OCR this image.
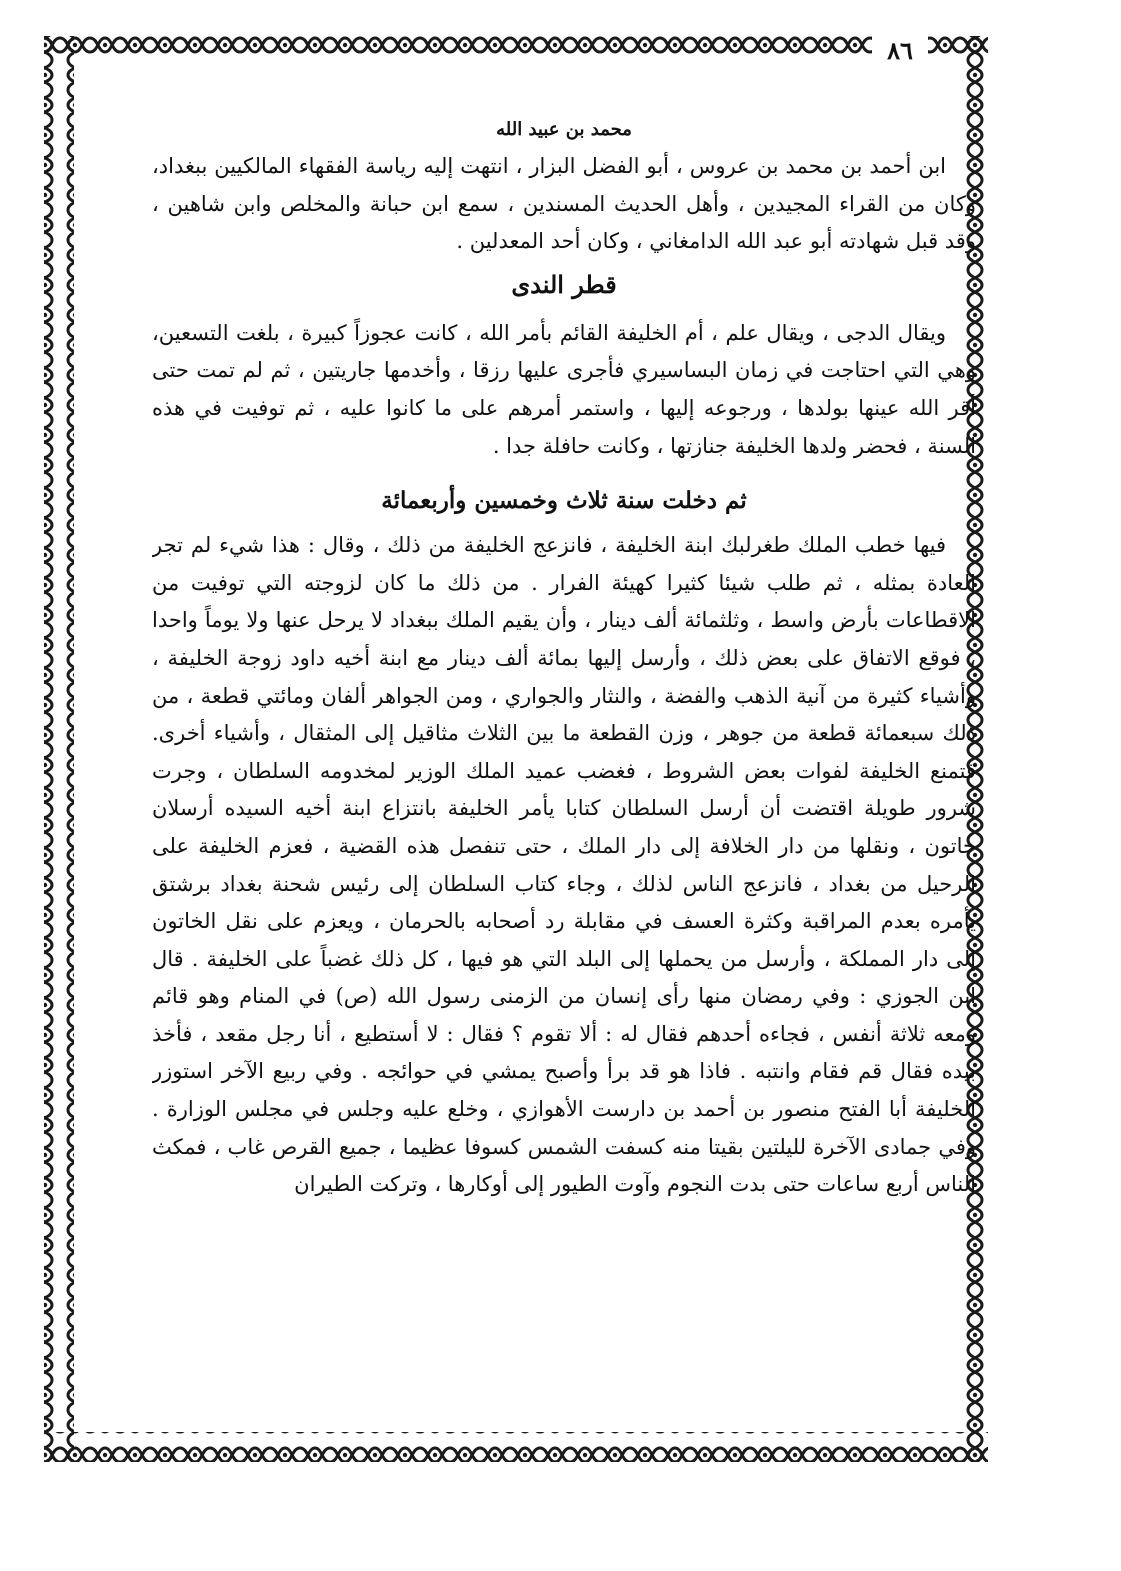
٨٦
محمد بن عبيد الله

ابن أحمد بن محمد بن عروس ، أبو الفضل البزار ، انتهت إليه رياسة الفقهاء المالكيين ببغداد، وكان من القراء المجيدين ، وأهل الحديث المسندين ، سمع ابن حبانة والمخلص وابن شاهين ، وقد قبل شهادته أبو عبد الله الدامغاني ، وكان أحد المعدلين .

قطر الندى

ويقال الدجى ، ويقال علم ، أم الخليفة القائم بأمر الله ، كانت عجوزاً كبيرة ، بلغت التسعين، وهي التي احتاجت في زمان البساسيري فأجرى عليها رزقا ، وأخدمها جاريتين ، ثم لم تمت حتى أقر الله عينها بولدها ، ورجوعه إليها ، واستمر أمرهم على ما كانوا عليه ، ثم توفيت في هذه السنة ، فحضر ولدها الخليفة جنازتها ، وكانت حافلة جدا .

ثم دخلت سنة ثلاث وخمسين وأربعمائة

فيها خطب الملك طغرلبك ابنة الخليفة ، فانزعج الخليفة من ذلك ، وقال : هذا شيء لم تجر العادة بمثله ، ثم طلب شيئا كثيرا كهيئة الفرار . من ذلك ما كان لزوجته التي توفيت من الاقطاعات بأرض واسط ، وثلثمائة ألف دينار ، وأن يقيم الملك ببغداد لا يرحل عنها ولا يوماً واحدا ، فوقع الاتفاق على بعض ذلك ، وأرسل إليها بمائة ألف دينار مع ابنة أخيه داود زوجة الخليفة ، وأشياء كثيرة من آنية الذهب والفضة ، والنثار والجواري ، ومن الجواهر ألفان ومائتي قطعة ، من ذلك سبعمائة قطعة من جوهر ، وزن القطعة ما بين الثلاث مثاقيل إلى المثقال ، وأشياء أخرى. فتمنع الخليفة لفوات بعض الشروط ، فغضب عميد الملك الوزير لمخدومه السلطان ، وجرت شرور طويلة اقتضت أن أرسل السلطان كتابا يأمر الخليفة بانتزاع ابنة أخيه السيده أرسلان خاتون ، ونقلها من دار الخلافة إلى دار الملك ، حتى تنفصل هذه القضية ، فعزم الخليفة على الرحيل من بغداد ، فانزعج الناس لذلك ، وجاء كتاب السلطان إلى رئيس شحنة بغداد برشتق يأمره بعدم المراقبة وكثرة العسف في مقابلة رد أصحابه بالحرمان ، ويعزم على نقل الخاتون إلى دار المملكة ، وأرسل من يحملها إلى البلد التي هو فيها ، كل ذلك غضباً على الخليفة . قال ابن الجوزي : وفي رمضان منها رأى إنسان من الزمنى رسول الله (ص) في المنام وهو قائم ومعه ثلاثة أنفس ، فجاءه أحدهم فقال له : ألا تقوم ؟ فقال : لا أستطيع ، أنا رجل مقعد ، فأخذ بيده فقال قم فقام وانتبه . فاذا هو قد برأ وأصبح يمشي في حوائجه . وفي ربيع الآخر استوزر الخليفة أبا الفتح منصور بن أحمد بن دارست الأهوازي ، وخلع عليه وجلس في مجلس الوزارة . وفي جمادى الآخرة لليلتين بقيتا منه كسفت الشمس كسوفا عظيما ، جميع القرص غاب ، فمكث الناس أربع ساعات حتى بدت النجوم وآوت الطيور إلى أوكارها ، وتركت الطيران
